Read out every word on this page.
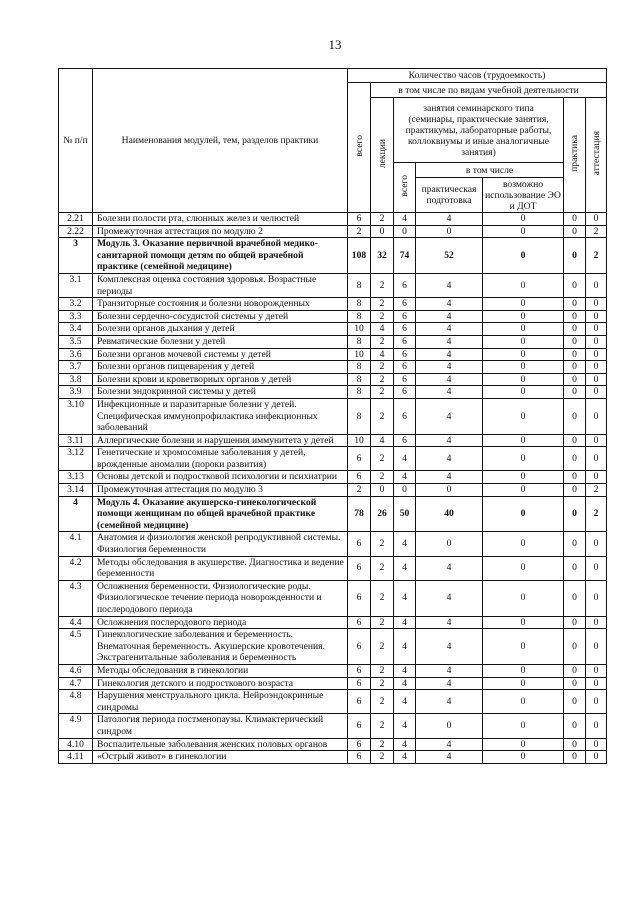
13
№ п/п	Наименования модулей, тем, разделов практики	Количество часов (трудоемкость)						
		всего	в том числе по видам учебной деятельности					
			лекции	занятия семинарского типа (семинары, практические занятия, практикумы, лабораторные работы, коллоквиумы и иные аналогичные занятия)			практика	аттестация
				всего	в том числе			
					практическая подготовка	возможно использование ЭО и ДОТ		
2.21	Болезни полости рта, слюнных желез и челюстей	6	2	4	4	0	0	0
2.22	Промежуточная аттестация по модулю 2	2	0	0	0	0	0	2
3	Модуль 3. Оказание первичной врачебной медико-санитарной помощи детям по общей врачебной практике (семейной медицине)	108	32	74	52	0	0	2
3.1	Комплексная оценка состояния здоровья. Возрастные периоды	8	2	6	4	0	0	0
3.2	Транзиторные состояния и болезни новорожденных	8	2	6	4	0	0	0
3.3	Болезни сердечно-сосудистой системы у детей	8	2	6	4	0	0	0
3.4	Болезни органов дыхания у детей	10	4	6	4	0	0	0
3.5	Ревматические болезни у детей	8	2	6	4	0	0	0
3.6	Болезни органов мочевой системы у детей	10	4	6	4	0	0	0
3.7	Болезни органов пищеварения у детей	8	2	6	4	0	0	0
3.8	Болезни крови и кроветворных органов у детей	8	2	6	4	0	0	0
3.9	Болезни эндокринной системы у детей	8	2	6	4	0	0	0
3.10	Инфекционные и паразитарные болезни у детей. Специфическая иммунопрофилактика инфекционных заболеваний	8	2	6	4	0	0	0
3.11	Аллергические болезни и нарушения иммунитета у детей	10	4	6	4	0	0	0
3.12	Генетические и хромосомные заболевания у детей, врожденные аномалии (пороки развития)	6	2	4	4	0	0	0
3.13	Основы детской и подростковой психологии и психиатрии	6	2	4	4	0	0	0
3.14	Промежуточная аттестация по модулю 3	2	0	0	0	0	0	2
4	Модуль 4. Оказание акушерско-гинекологической помощи женщинам по общей врачебной практике (семейной медицине)	78	26	50	40	0	0	2
4.1	Анатомия и физиология женской репродуктивной системы. Физиология беременности	6	2	4	0	0	0	0
4.2	Методы обследования в акушерстве. Диагностика и ведение беременности	6	2	4	4	0	0	0
4.3	Осложнения беременности. Физиологические роды. Физиологическое течение периода новорожденности и послеродового периода	6	2	4	4	0	0	0
4.4	Осложнения послеродового периода	6	2	4	4	0	0	0
4.5	Гинекологические заболевания и беременность. Внематочная беременность. Акушерские кровотечения. Экстрагенитальные заболевания и беременность	6	2	4	4	0	0	0
4.6	Методы обследования в гинекологии	6	2	4	4	0	0	0
4.7	Гинекология детского и подросткового возраста	6	2	4	4	0	0	0
4.8	Нарушения менструального цикла. Нейроэндокринные синдромы	6	2	4	4	0	0	0
4.9	Патология периода постменопаузы. Климактерический синдром	6	2	4	0	0	0	0
4.10	Воспалительные заболевания женских половых органов	6	2	4	4	0	0	0
4.11	«Острый живот» в гинекологии	6	2	4	4	0	0	0
